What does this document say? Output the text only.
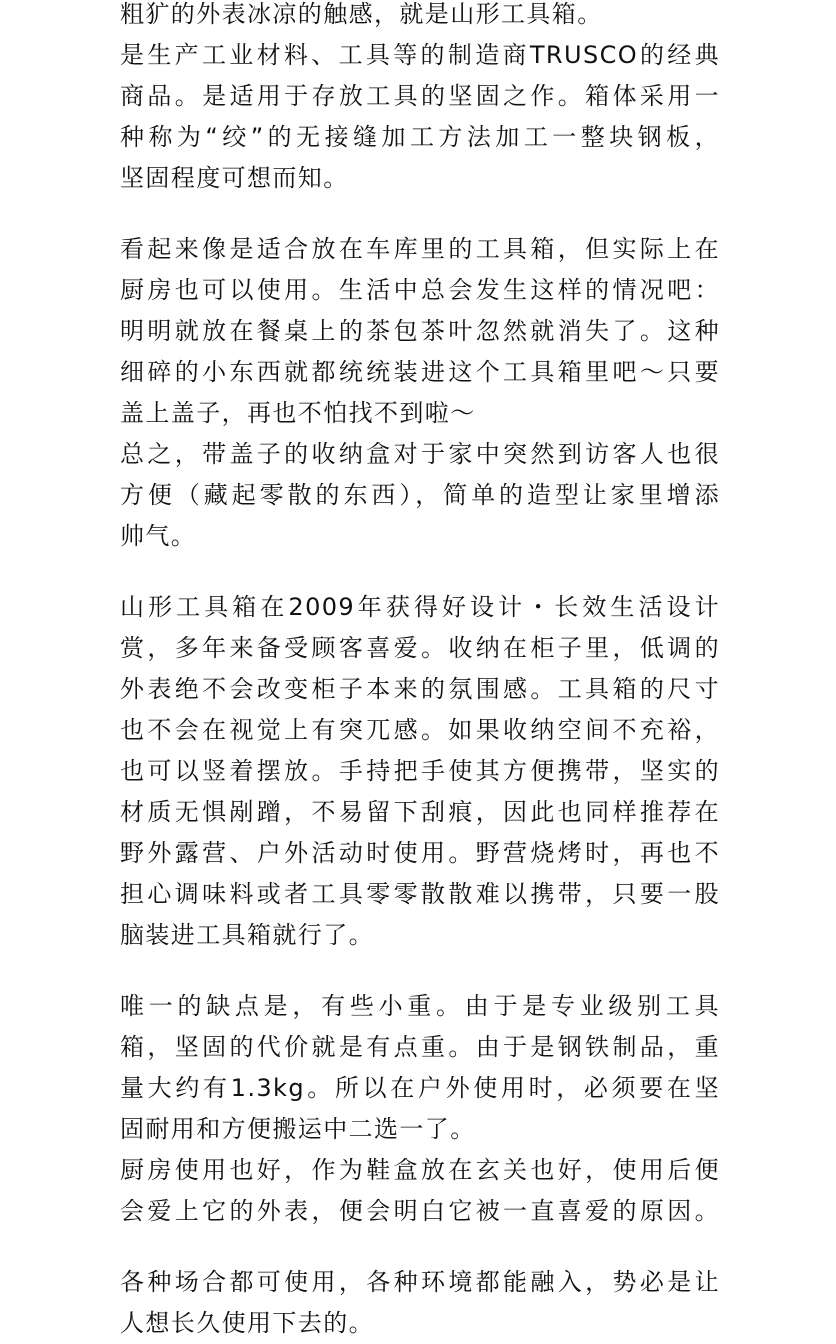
粗犷的外表冰凉的触感，就是山形工具箱。
是生产工业材料、工具等的制造商TRUSCO的经典
商品。是适用于存放工具的坚固之作。箱体采用一
种称为“绞”的无接缝加工方法加工一整块钢板，
坚固程度可想而知。
看起来像是适合放在车库里的工具箱，但实际上在
厨房也可以使用。生活中总会发生这样的情况吧：
明明就放在餐桌上的茶包茶叶忽然就消失了。这种
细碎的小东西就都统统装进这个工具箱里吧～只要
盖上盖子，再也不怕找不到啦～
总之，带盖子的收纳盒对于家中突然到访客人也很
方便（藏起零散的东西），简单的造型让家里增添
帅气。
山形工具箱在2009年获得好设计・长效生活设计
赏，多年来备受顾客喜爱。收纳在柜子里，低调的
外表绝不会改变柜子本来的氛围感。工具箱的尺寸
也不会在视觉上有突兀感。如果收纳空间不充裕，
也可以竖着摆放。手持把手使其方便携带，坚实的
材质无惧剐蹭，不易留下刮痕，因此也同样推荐在
野外露营、户外活动时使用。野营烧烤时，再也不
担心调味料或者工具零零散散难以携带，只要一股
脑装进工具箱就行了。
唯一的缺点是，有些小重。由于是专业级别工具
箱，坚固的代价就是有点重。由于是钢铁制品，重
量大约有1.3kg。所以在户外使用时，必须要在坚
固耐用和方便搬运中二选一了。
厨房使用也好，作为鞋盒放在玄关也好，使用后便
会爱上它的外表，便会明白它被一直喜爱的原因。
各种场合都可使用，各种环境都能融入，势必是让
人想长久使用下去的。
